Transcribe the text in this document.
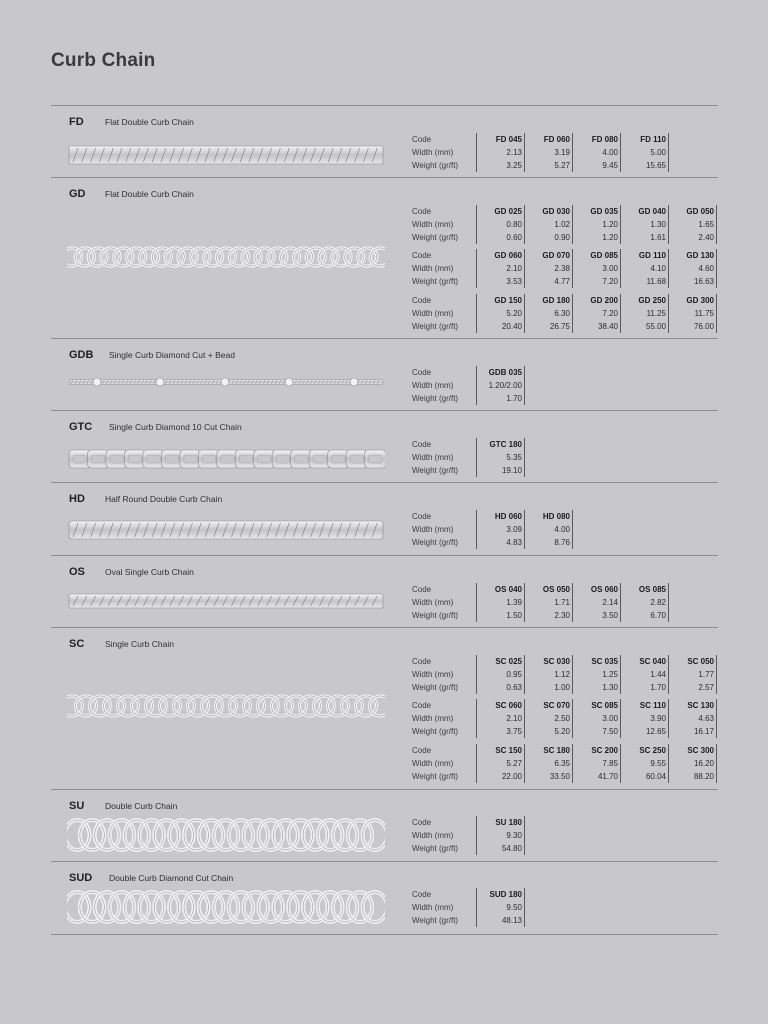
Curb Chain
FD	Flat Double Curb Chain
Code
Width (mm)
Weight (gr/ft)
FD 045
2.13
3.25
FD 060
3.19
5.27
FD 080
4.00
9.45
FD 110
5.00
15.65
GD Flat Double Curb Chain
Code
Width (mm)
Weight (gr/ft)
GD 025
0.80
0.60
GD 030
1.02
0.90
GD 035
1.20
1.20
GD 040
1.30
1.61
GD 050
1.65
2.40
Code
Width (mm)
Weight (gr/ft)
GD 060
2.10
3.53
GD 070
2.38
4.77
GD 085
3.00
7.20
GD 110
4.10
11.68
GD 130
4.60
16.63
Code
Width (mm)
Weight (gr/ft)
GD 150
5.20
20.40
GD 180
6.30
26.75
GD 200
7.20
38.40
GD 250
11.25
55.00
GD 300
11.75
76.00
GDB Single Curb Diamond Cut + Bead
Code
Width (mm)
Weight (gr/ft)
GDB 035
1.20/2.00
1.70
GTC Single Curb Diamond 10 Cut Chain
Code
Width (mm)
Weight (gr/ft)
GTC 180
5.35
19.10
HD Half Round Double Curb Chain
Code
Width (mm)
Weight (gr/ft)
HD 060
3.09
4.83
HD 080
4.00
8.76
OS Oval Single Curb Chain
Code
Width (mm)
Weight (gr/ft)
OS 040
1.39
1.50
OS 050
1.71
2.30
OS 060
2.14
3.50
OS 085
2.82
6.70
SC Single Curb Chain
Code
Width (mm)
Weight (gr/ft)
SC 025
0.95
0.63
SC 030
1.12
1.00
SC 035
1.25
1.30
SC 040
1.44
1.70
SC 050
1.77
2.57
Code
Width (mm)
Weight (gr/ft)
SC 060
2.10
3.75
SC 070
2.50
5.20
SC 085
3.00
7.50
SC 110
3.90
12.65
SC 130
4.63
16.17
Code
Width (mm)
Weight (gr/ft)
SC 150
5.27
22.00
SC 180
6.35
33.50
SC 200
7.85
41.70
SC 250
9.55
60.04
SC 300
16.20
88.20
SU Double Curb Chain
Code
Width (mm)
Weight (gr/ft)
SU 180
9.30
54.80
SUD Double Curb Diamond Cut Chain
Code
Width (mm)
Weight (gr/ft)
SUD 180
9.50
48.13
